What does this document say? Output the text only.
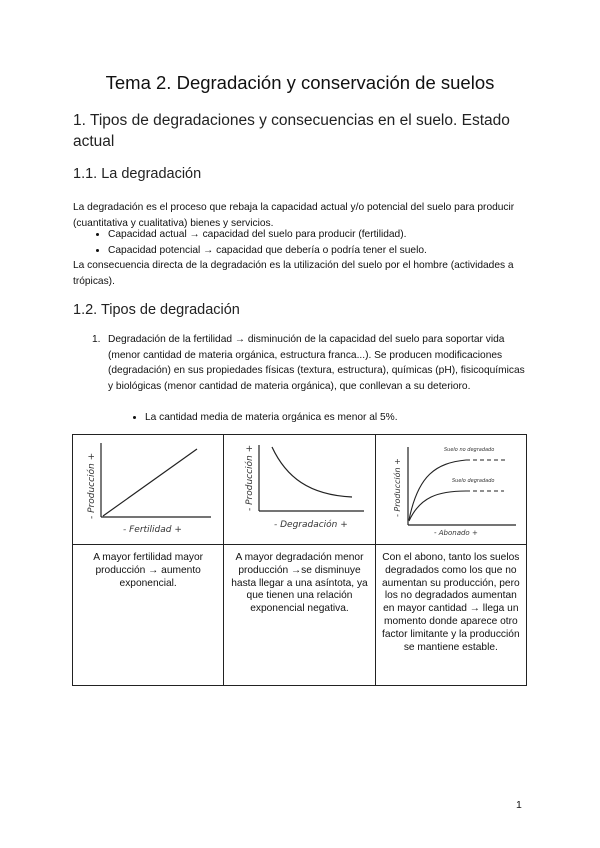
Tema 2. Degradación y conservación de suelos
1. Tipos de degradaciones y consecuencias en el suelo. Estado actual
1.1. La degradación

La degradación es el proceso que rebaja la capacidad actual y/o potencial del suelo para producir (cuantitativa y cualitativa) bienes y servicios.

• Capacidad actual → capacidad del suelo para producir (fertilidad).
• Capacidad potencial → capacidad que debería o podría tener el suelo.

La consecuencia directa de la degradación es la utilización del suelo por el hombre (actividades a trópicas).

1.2. Tipos de degradación
1. Degradación de la fertilidad → disminución de la capacidad del suelo para soportar vida (menor cantidad de materia orgánica, estructura franca...). Se producen modificaciones (degradación) en sus propiedades físicas (textura, estructura), químicas (pH), fisicoquímicas y biológicas (menor cantidad de materia orgánica), que conllevan a su deterioro.
• La cantidad media de materia orgánica es menor al 5%.
- Producción +
- Fertilidad +	- Producción +
- Degradación +	Suelo no degradado
Suelo degradado
- Producción +
- Abonado +

A mayor fertilidad mayor producción → aumento exponencial.	A mayor degradación menor producción →se disminuye hasta llegar a una asíntota, ya que tienen una relación exponencial negativa.	Con el abono, tanto los suelos degradados como los que no aumentan su producción, pero los no degradados aumentan en mayor cantidad → llega un momento donde aparece otro factor limitante y la producción se mantiene estable.
1
